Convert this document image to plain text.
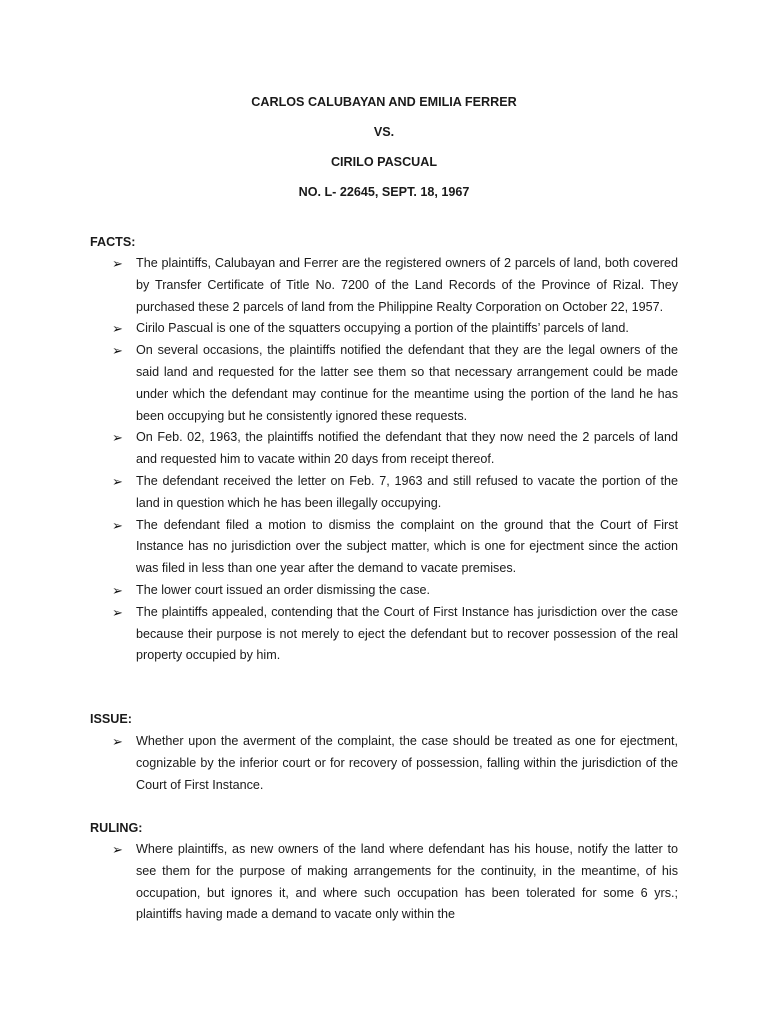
CARLOS CALUBAYAN AND EMILIA FERRER
VS.
CIRILO PASCUAL
NO. L- 22645, SEPT. 18, 1967
FACTS:
➢ The plaintiffs, Calubayan and Ferrer are the registered owners of 2 parcels of land, both covered by Transfer Certificate of Title No. 7200 of the Land Records of the Province of Rizal. They purchased these 2 parcels of land from the Philippine Realty Corporation on October 22, 1957.
➢ Cirilo Pascual is one of the squatters occupying a portion of the plaintiffs’ parcels of land.
➢ On several occasions, the plaintiffs notified the defendant that they are the legal owners of the said land and requested for the latter see them so that necessary arrangement could be made under which the defendant may continue for the meantime using the portion of the land he has been occupying but he consistently ignored these requests.
➢ On Feb. 02, 1963, the plaintiffs notified the defendant that they now need the 2 parcels of land and requested him to vacate within 20 days from receipt thereof.
➢ The defendant received the letter on Feb. 7, 1963 and still refused to vacate the portion of the land in question which he has been illegally occupying.
➢ The defendant filed a motion to dismiss the complaint on the ground that the Court of First Instance has no jurisdiction over the subject matter, which is one for ejectment since the action was filed in less than one year after the demand to vacate premises.
➢ The lower court issued an order dismissing the case.
➢ The plaintiffs appealed, contending that the Court of First Instance has jurisdiction over the case because their purpose is not merely to eject the defendant but to recover possession of the real property occupied by him.
ISSUE:
➢ Whether upon the averment of the complaint, the case should be treated as one for ejectment, cognizable by the inferior court or for recovery of possession, falling within the jurisdiction of the Court of First Instance.
RULING:
➢ Where plaintiffs, as new owners of the land where defendant has his house, notify the latter to see them for the purpose of making arrangements for the continuity, in the meantime, of his occupation, but ignores it, and where such occupation has been tolerated for some 6 yrs.; plaintiffs having made a demand to vacate only within the
